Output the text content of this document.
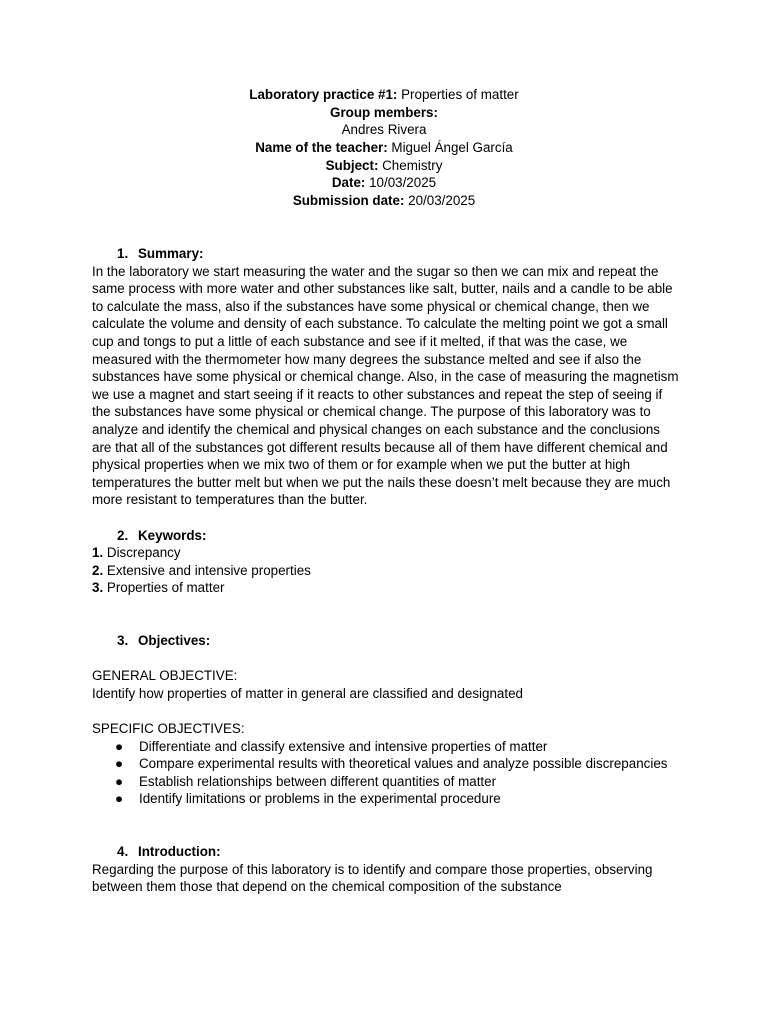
Laboratory practice #1: Properties of matter
Group members:
Andres Rivera
Name of the teacher: Miguel Ángel García
Subject: Chemistry
Date: 10/03/2025
Submission date: 20/03/2025
1. Summary:

In the laboratory we start measuring the water and the sugar so then we can mix and repeat the same process with more water and other substances like salt, butter, nails and a candle to be able to calculate the mass, also if the substances have some physical or chemical change, then we calculate the volume and density of each substance. To calculate the melting point we got a small cup and tongs to put a little of each substance and see if it melted, if that was the case, we measured with the thermometer how many degrees the substance melted and see if also the substances have some physical or chemical change. Also, in the case of measuring the magnetism we use a magnet and start seeing if it reacts to other substances and repeat the step of seeing if the substances have some physical or chemical change. The purpose of this laboratory was to analyze and identify the chemical and physical changes on each substance and the conclusions are that all of the substances got different results because all of them have different chemical and physical properties when we mix two of them or for example when we put the butter at high temperatures the butter melt but when we put the nails these doesn’t melt because they are much more resistant to temperatures than the butter.

2. Keywords:
1. Discrepancy
2. Extensive and intensive properties
3. Properties of matter
3. Objectives:
GENERAL OBJECTIVE:
Identify how properties of matter in general are classified and designated
SPECIFIC OBJECTIVES:
● Differentiate and classify extensive and intensive properties of matter
● Compare experimental results with theoretical values and analyze possible discrepancies
● Establish relationships between different quantities of matter
● Identify limitations or problems in the experimental procedure
4. Introduction:

Regarding the purpose of this laboratory is to identify and compare those properties, observing between them those that depend on the chemical composition of the substance
